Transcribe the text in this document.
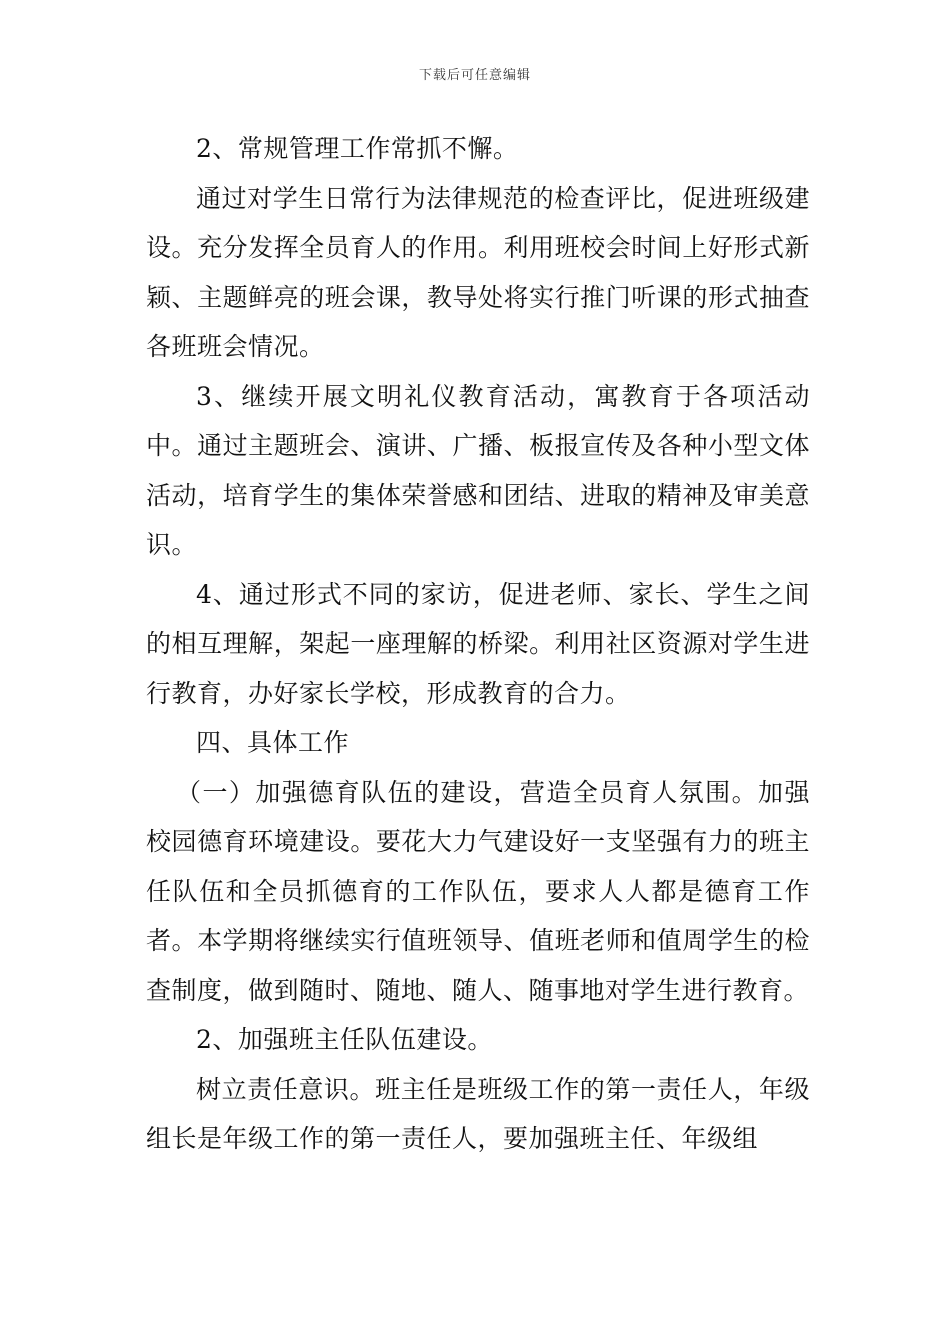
下载后可任意编辑

2、常规管理工作常抓不懈。

通过对学生日常行为法律规范的检查评比，促进班级建设。充分发挥全员育人的作用。利用班校会时间上好形式新颖、主题鲜亮的班会课，教导处将实行推门听课的形式抽查各班班会情况。

3、继续开展文明礼仪教育活动，寓教育于各项活动中。通过主题班会、演讲、广播、板报宣传及各种小型文体活动，培育学生的集体荣誉感和团结、进取的精神及审美意识。

4、通过形式不同的家访，促进老师、家长、学生之间的相互理解，架起一座理解的桥梁。利用社区资源对学生进行教育，办好家长学校，形成教育的合力。

四、具体工作

（一）加强德育队伍的建设，营造全员育人氛围。加强校园德育环境建设。要花大力气建设好一支坚强有力的班主任队伍和全员抓德育的工作队伍，要求人人都是德育工作者。本学期将继续实行值班领导、值班老师和值周学生的检查制度，做到随时、随地、随人、随事地对学生进行教育。

2、加强班主任队伍建设。

树立责任意识。班主任是班级工作的第一责任人，年级组长是年级工作的第一责任人，要加强班主任、年级组
